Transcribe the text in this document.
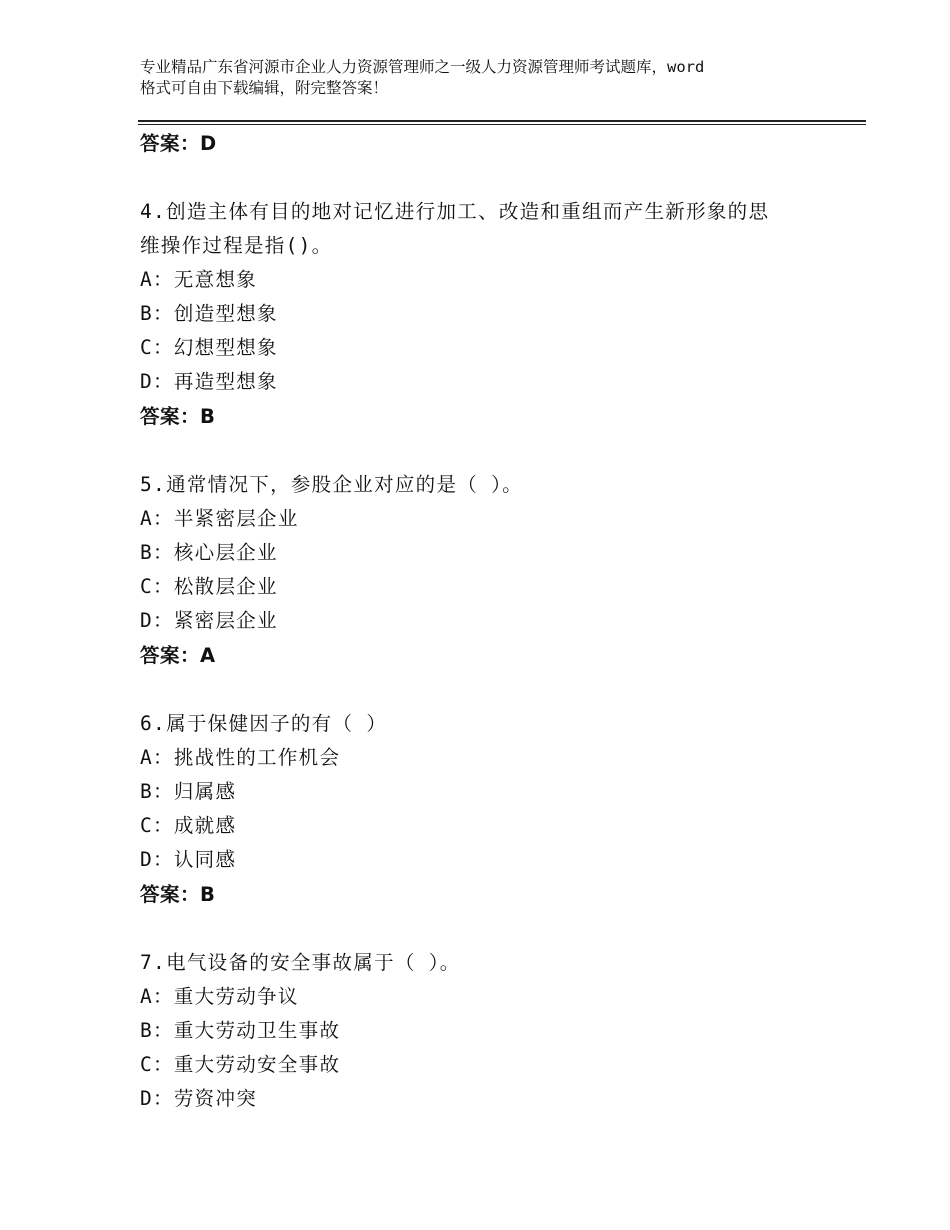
专业精品广东省河源市企业人力资源管理师之一级人力资源管理师考试题库，word
格式可自由下载编辑，附完整答案！
答案：D
4.创造主体有目的地对记忆进行加工、改造和重组而产生新形象的思
维操作过程是指()。
A：无意想象
B：创造型想象
C：幻想型想象
D：再造型想象
答案：B
5.通常情况下，参股企业对应的是（ ）。
A：半紧密层企业
B：核心层企业
C：松散层企业
D：紧密层企业
答案：A
6.属于保健因子的有（ ）
A：挑战性的工作机会
B：归属感
C：成就感
D：认同感
答案：B
7.电气设备的安全事故属于（ ）。
A：重大劳动争议
B：重大劳动卫生事故
C：重大劳动安全事故
D：劳资冲突
